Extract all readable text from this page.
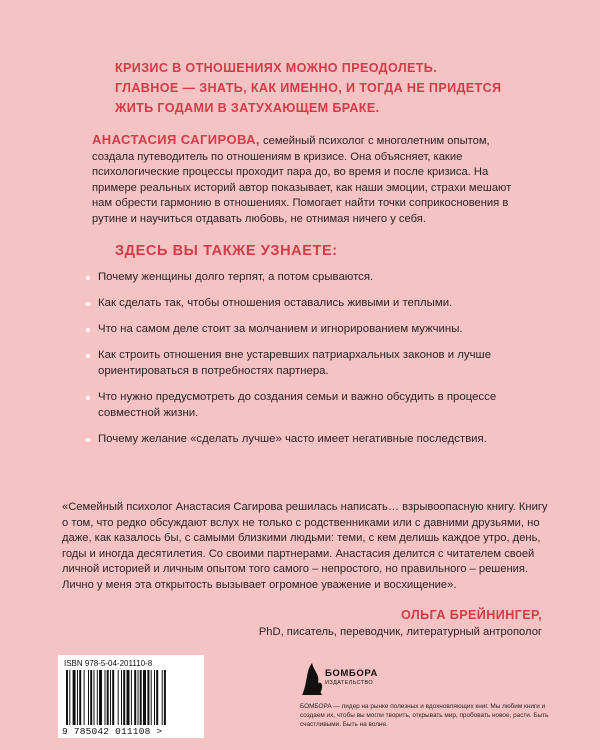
КРИЗИС В ОТНОШЕНИЯХ МОЖНО ПРЕОДОЛЕТЬ.
ГЛАВНОЕ — ЗНАТЬ, КАК ИМЕННО, И ТОГДА НЕ ПРИДЕТСЯ
ЖИТЬ ГОДАМИ В ЗАТУХАЮЩЕМ БРАКЕ.
АНАСТАСИЯ САГИРОВА, семейный психолог с многолетним опытом, создала путеводитель по отношениям в кризисе. Она объясняет, какие психологические процессы проходит пара до, во время и после кризиса. На примере реальных историй автор показывает, как наши эмоции, страхи мешают нам обрести гармонию в отношениях. Помогает найти точки соприкосновения в рутине и научиться отдавать любовь, не отнимая ничего у себя.
ЗДЕСЬ ВЫ ТАКЖЕ УЗНАЕТЕ:
Почему женщины долго терпят, а потом срываются.
Как сделать так, чтобы отношения оставались живыми и теплыми.
Что на самом деле стоит за молчанием и игнорированием мужчины.
Как строить отношения вне устаревших патриархальных законов и лучше ориентироваться в потребностях партнера.
Что нужно предусмотреть до создания семьи и важно обсудить в процессе совместной жизни.
Почему желание «сделать лучше» часто имеет негативные последствия.
«Семейный психолог Анастасия Сагирова решилась написать… взрывоопасную книгу. Книгу о том, что редко обсуждают вслух не только с родственниками или с давними друзьями, но даже, как казалось бы, с самыми близкими людьми: теми, с кем делишь каждое утро, день, годы и иногда десятилетия. Со своими партнерами. Анастасия делится с читателем своей личной историей и личным опытом того самого – непростого, но правильного – решения. Лично у меня эта открытость вызывает огромное уважение и восхищение».
ОЛЬГА БРЕЙНИНГЕР,
PhD, писатель, переводчик, литературный антрополог
ISBN 978-5-04-201110-8
9 785042 011108 >
БОМБОРА
ИЗДАТЕЛЬСТВО
БОМБОРА — лидер на рынке полезных и вдохновляющих книг. Мы любим книги и создаем их, чтобы вы могли творить, открывать мир, пробовать новое, расти. Быть счастливыми. Быть на волне.
